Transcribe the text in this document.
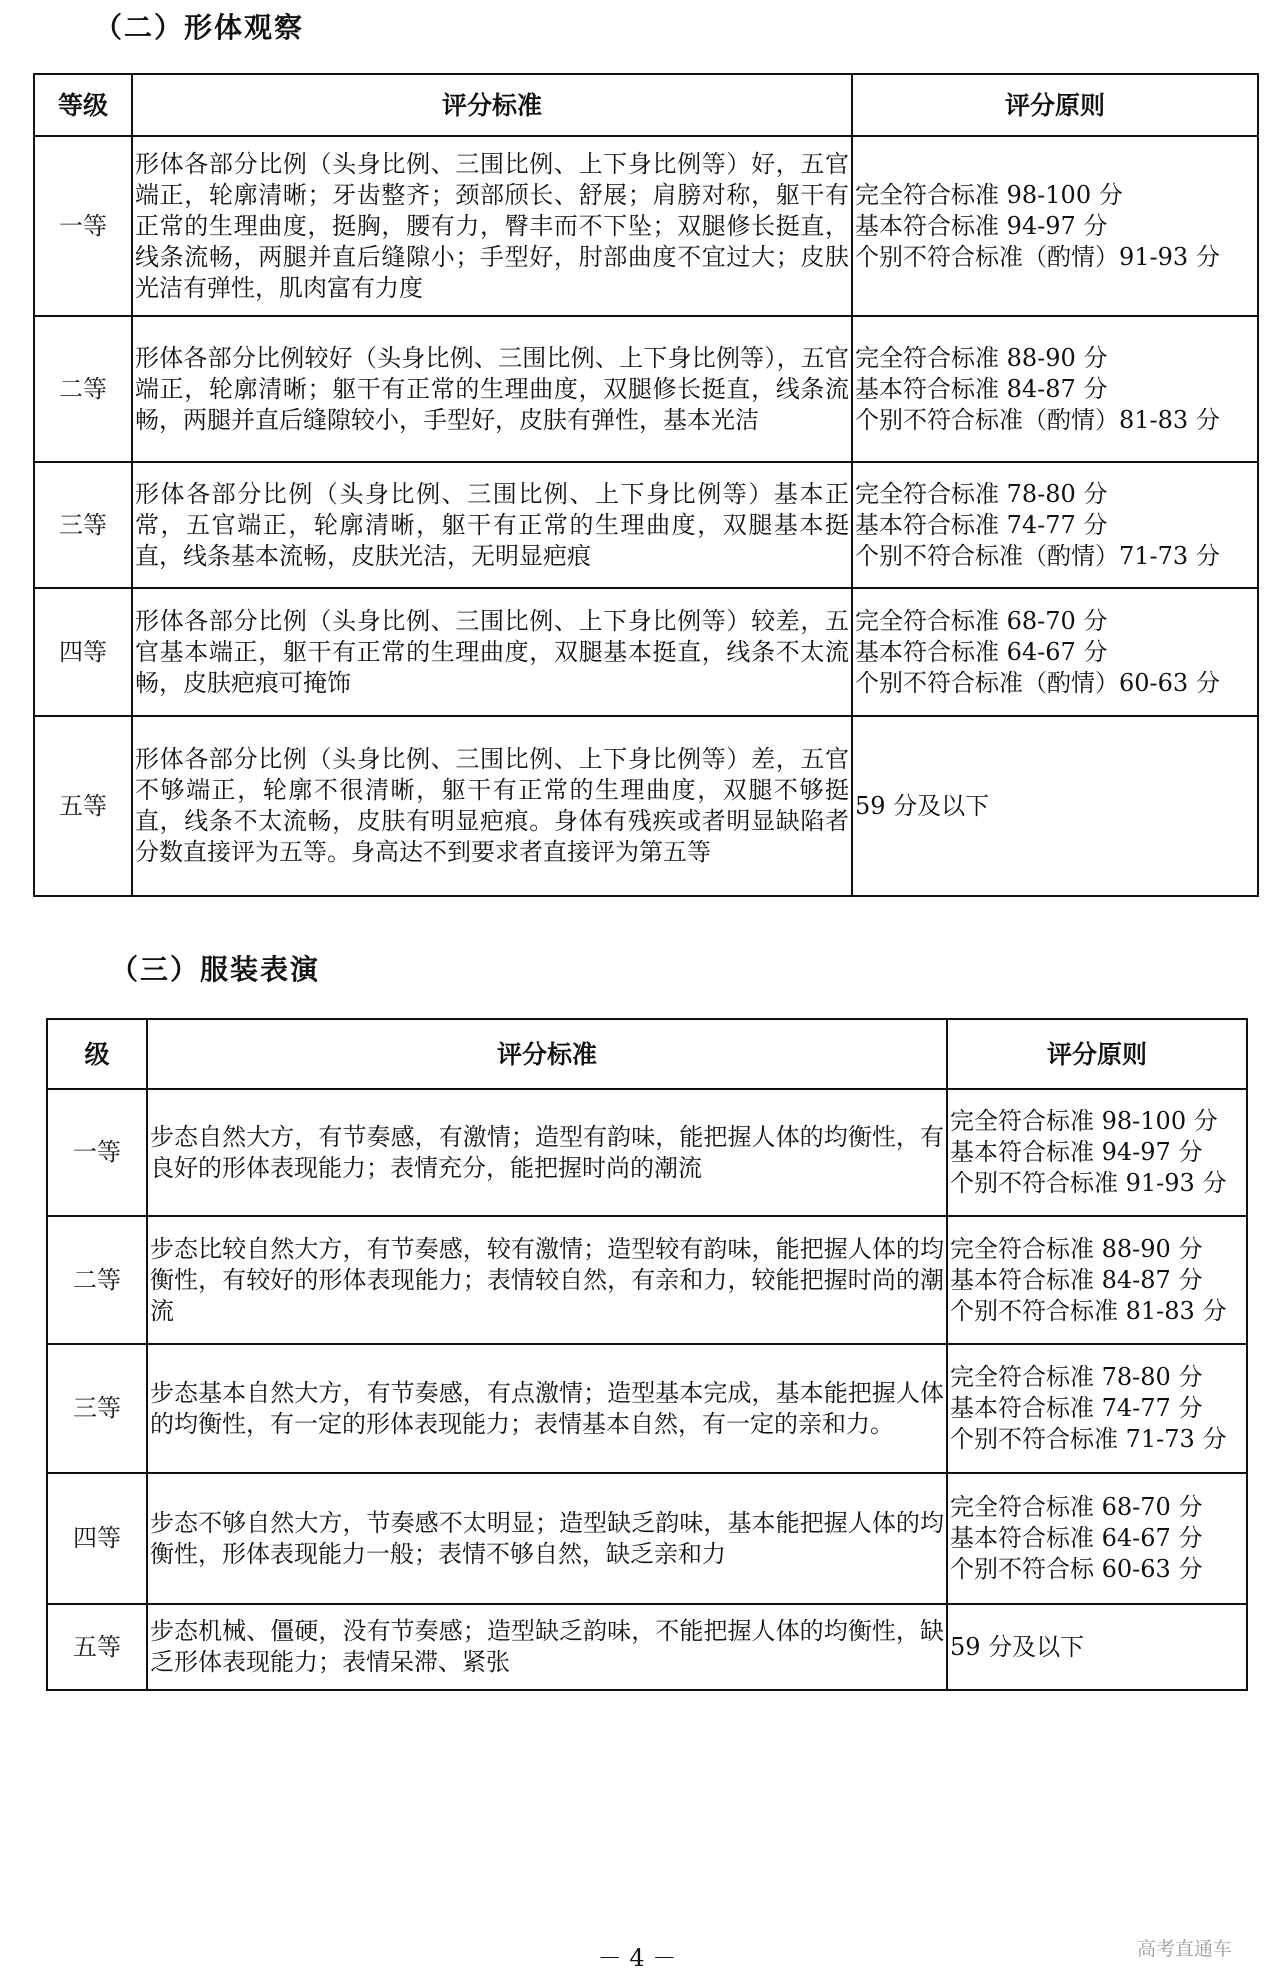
（二）形体观察
等级	评分标准	评分原则
一等	形体各部分比例（头身比例、三围比例、上下身比例等）好，五官端正，轮廓清晰；牙齿整齐；颈部颀长、舒展；肩膀对称，躯干有正常的生理曲度，挺胸，腰有力，臀丰而不下坠；双腿修长挺直，线条流畅，两腿并直后缝隙小；手型好，肘部曲度不宜过大；皮肤光洁有弹性，肌肉富有力度	完全符合标准 98-100 分
基本符合标准 94-97 分
个别不符合标准（酌情）91-93 分

二等	形体各部分比例较好（头身比例、三围比例、上下身比例等），五官端正，轮廓清晰；躯干有正常的生理曲度，双腿修长挺直，线条流畅，两腿并直后缝隙较小，手型好，皮肤有弹性，基本光洁	完全符合标准 88-90 分
基本符合标准 84-87 分
个别不符合标准（酌情）81-83 分

三等	形体各部分比例（头身比例、三围比例、上下身比例等）基本正常，五官端正，轮廓清晰，躯干有正常的生理曲度，双腿基本挺直，线条基本流畅，皮肤光洁，无明显疤痕	完全符合标准 78-80 分
基本符合标准 74-77 分
个别不符合标准（酌情）71-73 分

四等	形体各部分比例（头身比例、三围比例、上下身比例等）较差，五官基本端正，躯干有正常的生理曲度，双腿基本挺直，线条不太流畅，皮肤疤痕可掩饰	完全符合标准 68-70 分
基本符合标准 64-67 分
个别不符合标准（酌情）60-63 分

五等	形体各部分比例（头身比例、三围比例、上下身比例等）差，五官不够端正，轮廓不很清晰，躯干有正常的生理曲度，双腿不够挺直，线条不太流畅，皮肤有明显疤痕。身体有残疾或者明显缺陷者分数直接评为五等。身高达不到要求者直接评为第五等	59 分及以下
（三）服装表演
级	评分标准	评分原则
一等	步态自然大方，有节奏感，有激情；造型有韵味，能把握人体的均衡性，有良好的形体表现能力；表情充分，能把握时尚的潮流	完全符合标准 98-100 分
基本符合标准 94-97 分
个别不符合标准 91-93 分

二等	步态比较自然大方，有节奏感，较有激情；造型较有韵味，能把握人体的均衡性，有较好的形体表现能力；表情较自然，有亲和力，较能把握时尚的潮流	完全符合标准 88-90 分
基本符合标准 84-87 分
个别不符合标准 81-83 分

三等	步态基本自然大方，有节奏感，有点激情；造型基本完成，基本能把握人体的均衡性，有一定的形体表现能力；表情基本自然，有一定的亲和力。	完全符合标准 78-80 分
基本符合标准 74-77 分
个别不符合标准 71-73 分

四等	步态不够自然大方，节奏感不太明显；造型缺乏韵味，基本能把握人体的均衡性，形体表现能力一般；表情不够自然，缺乏亲和力	完全符合标准 68-70 分
基本符合标准 64-67 分
个别不符合标 60-63 分

五等	步态机械、僵硬，没有节奏感；造型缺乏韵味，不能把握人体的均衡性，缺乏形体表现能力；表情呆滞、紧张	59 分及以下
－ 4 －	高考直通车
